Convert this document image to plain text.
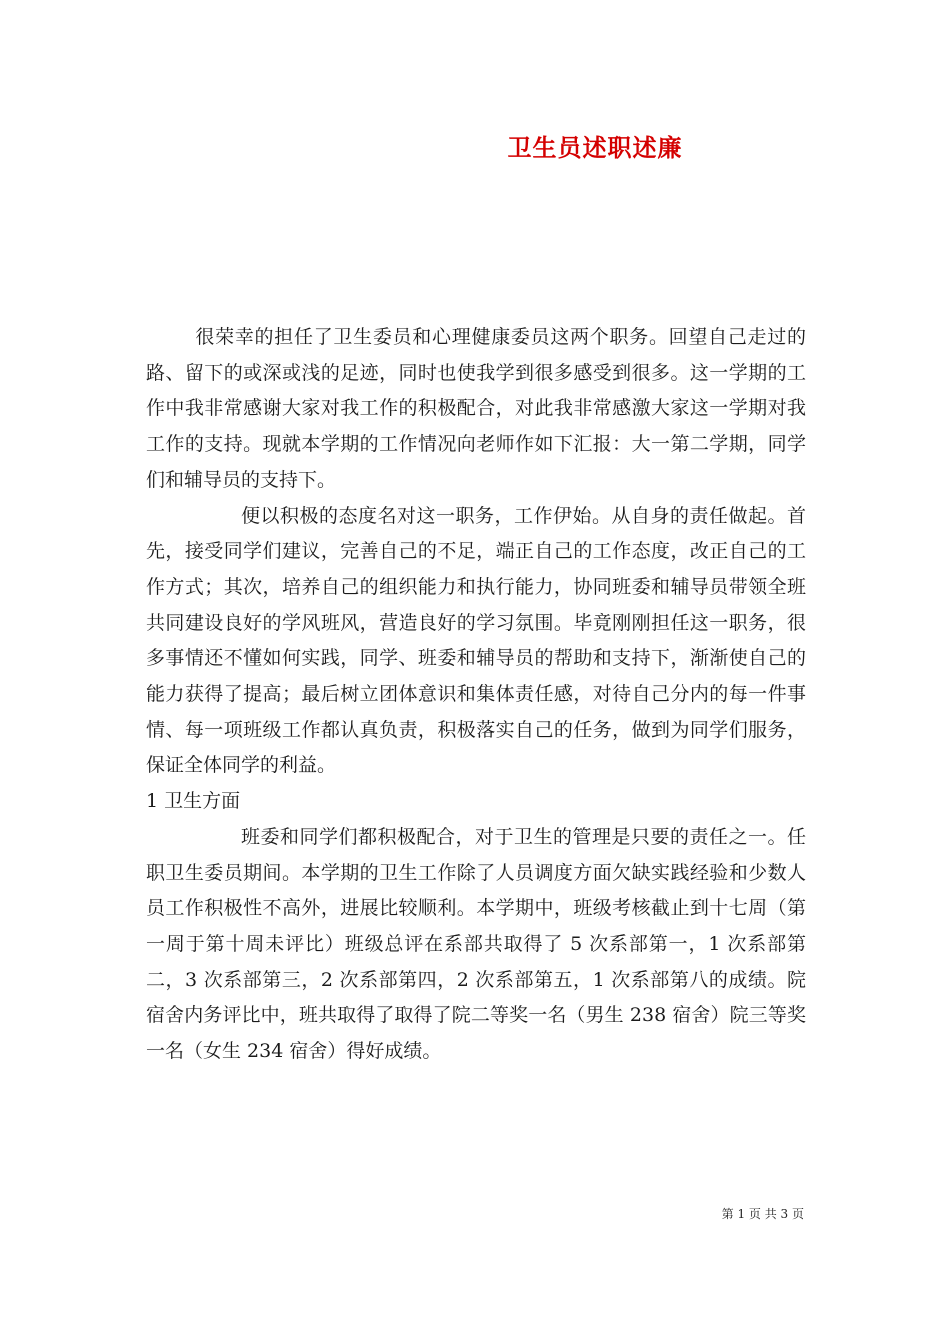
卫生员述职述廉

很荣幸的担任了卫生委员和心理健康委员这两个职务。回望自己走过的路、留下的或深或浅的足迹，同时也使我学到很多感受到很多。这一学期的工作中我非常感谢大家对我工作的积极配合，对此我非常感激大家这一学期对我工作的支持。现就本学期的工作情况向老师作如下汇报：大一第二学期，同学们和辅导员的支持下。

便以积极的态度名对这一职务，工作伊始。从自身的责任做起。首先，接受同学们建议，完善自己的不足，端正自己的工作态度，改正自己的工作方式；其次，培养自己的组织能力和执行能力，协同班委和辅导员带领全班共同建设良好的学风班风，营造良好的学习氛围。毕竟刚刚担任这一职务，很多事情还不懂如何实践，同学、班委和辅导员的帮助和支持下，渐渐使自己的能力获得了提高；最后树立团体意识和集体责任感，对待自己分内的每一件事情、每一项班级工作都认真负责，积极落实自己的任务，做到为同学们服务，保证全体同学的利益。

1 卫生方面

班委和同学们都积极配合，对于卫生的管理是只要的责任之一。任职卫生委员期间。本学期的卫生工作除了人员调度方面欠缺实践经验和少数人员工作积极性不高外，进展比较顺利。本学期中，班级考核截止到十七周（第一周于第十周未评比）班级总评在系部共取得了 5 次系部第一，1 次系部第二，3 次系部第三，2 次系部第四，2 次系部第五，1 次系部第八的成绩。院宿舍内务评比中，班共取得了取得了院二等奖一名（男生 238 宿舍）院三等奖一名（女生 234 宿舍）得好成绩。

第 1 页 共 3 页
